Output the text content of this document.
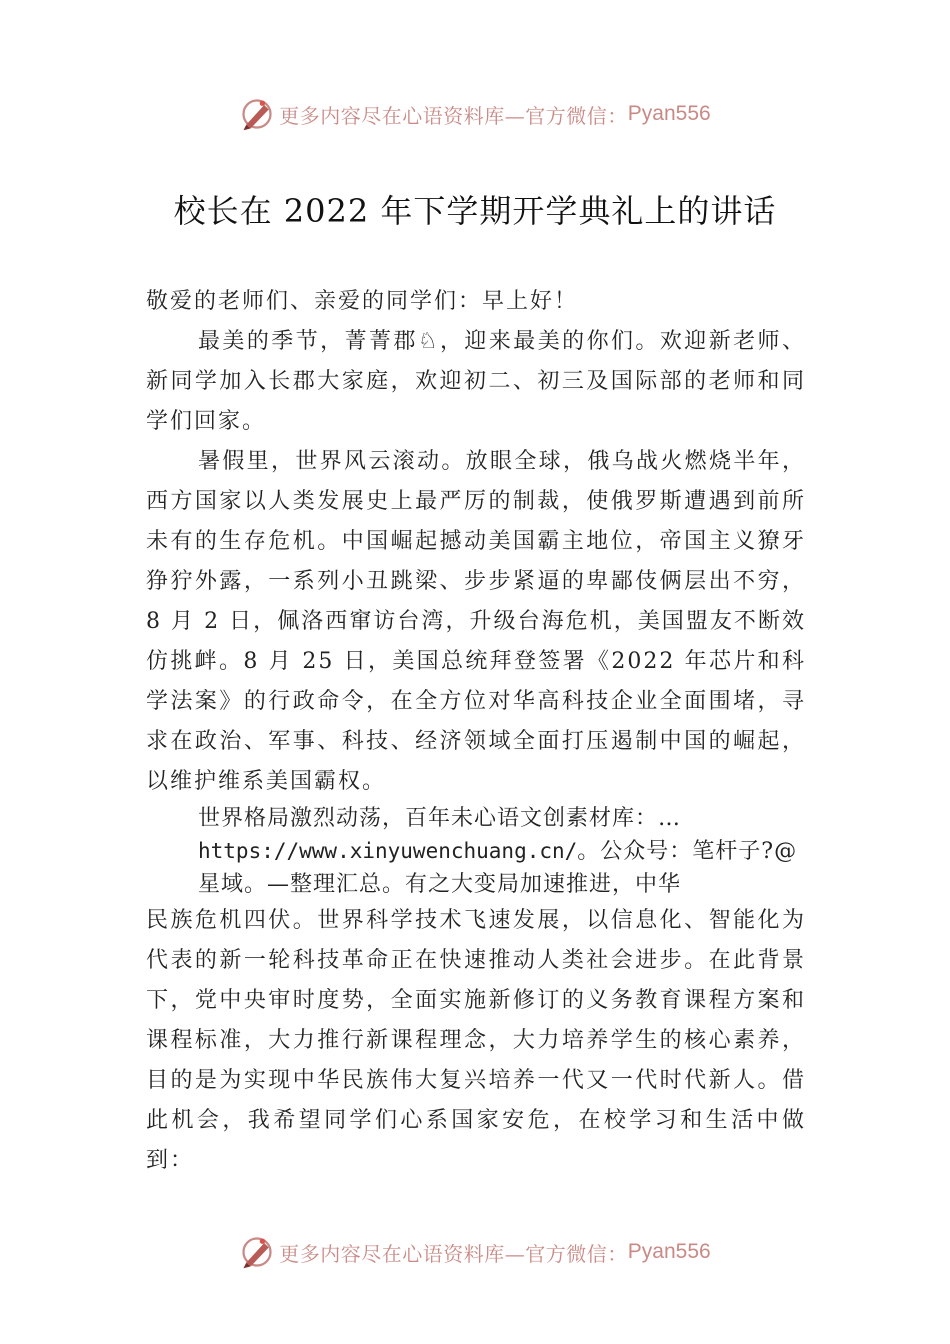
更多内容尽在心语资料库—官方微信： Pyan556
校长在 2022 年下学期开学典礼上的讲话

敬爱的老师们、亲爱的同学们：早上好！

最美的季节，菁菁郡♘，迎来最美的你们。欢迎新老师、新同学加入长郡大家庭，欢迎初二、初三及国际部的老师和同学们回家。

暑假里，世界风云滚动。放眼全球，俄乌战火燃烧半年，西方国家以人类发展史上最严厉的制裁，使俄罗斯遭遇到前所未有的生存危机。中国崛起撼动美国霸主地位，帝国主义獠牙狰狞外露，一系列小丑跳梁、步步紧逼的卑鄙伎俩层出不穷，8 月 2 日，佩洛西窜访台湾，升级台海危机，美国盟友不断效仿挑衅。8 月 25 日，美国总统拜登签署《2022 年芯片和科学法案》的行政命令，在全方位对华高科技企业全面围堵，寻求在政治、军事、科技、经济领域全面打压遏制中国的崛起，以维护维系美国霸权。

世界格局激烈动荡，百年未心语文创素材库：…
https://www.xinyuwenchuang.cn/。公众号：笔杆子?@
星域。—整理汇总。有之大变局加速推进，中华

民族危机四伏。世界科学技术飞速发展，以信息化、智能化为代表的新一轮科技革命正在快速推动人类社会进步。在此背景下，党中央审时度势，全面实施新修订的义务教育课程方案和课程标准，大力推行新课程理念，大力培养学生的核心素养，目的是为实现中华民族伟大复兴培养一代又一代时代新人。借此机会，我希望同学们心系国家安危，在校学习和生活中做到：

更多内容尽在心语资料库—官方微信： Pyan556
